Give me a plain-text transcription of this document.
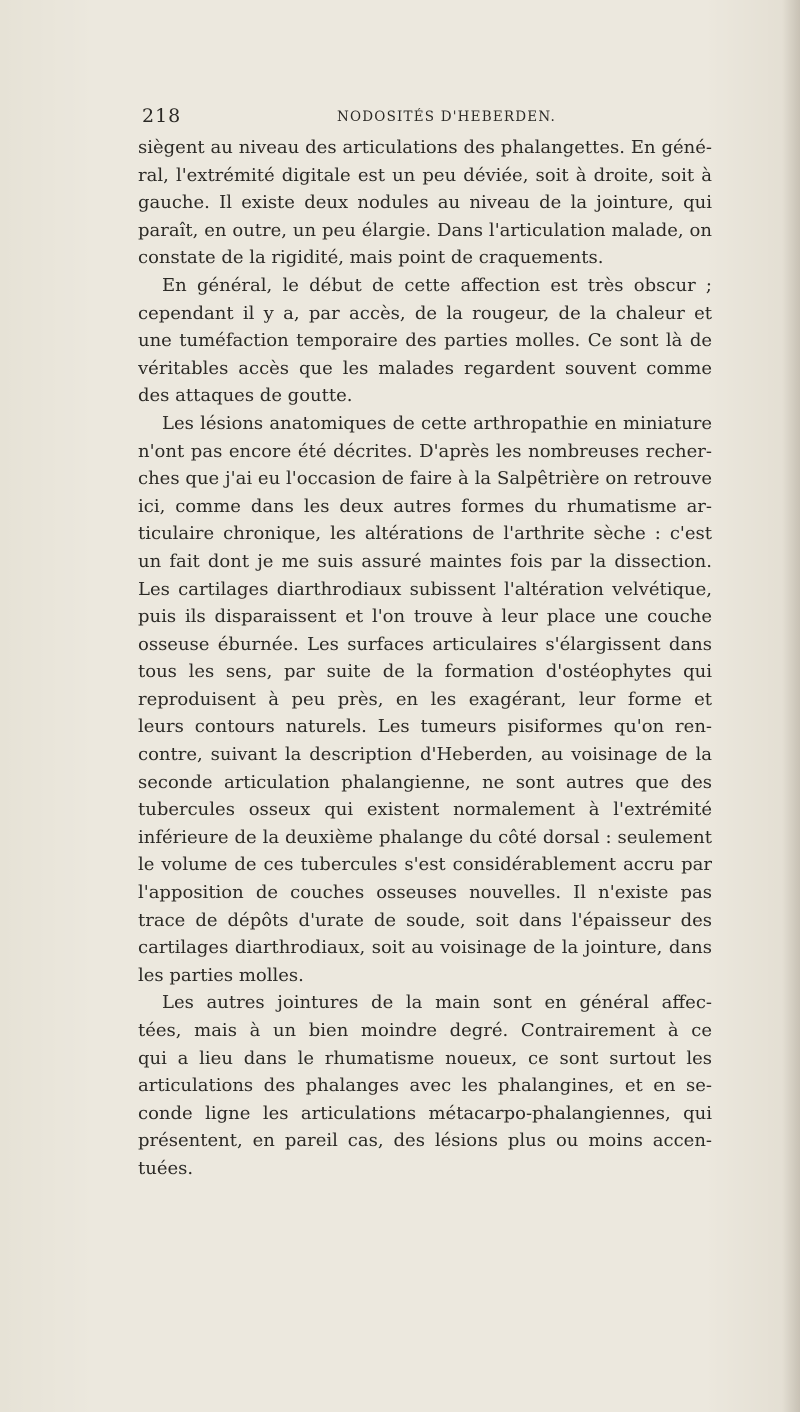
218	NODOSITÉS D'HEBERDEN.
siègent au niveau des articulations des phalangettes. En géné-
ral, l'extrémité digitale est un peu déviée, soit à droite, soit à
gauche. Il existe deux nodules au niveau de la jointure, qui
paraît, en outre, un peu élargie. Dans l'articulation malade, on
constate de la rigidité, mais point de craquements.
En général, le début de cette affection est très obscur ;
cependant il y a, par accès, de la rougeur, de la chaleur et
une tuméfaction temporaire des parties molles. Ce sont là de
véritables accès que les malades regardent souvent comme
des attaques de goutte.
Les lésions anatomiques de cette arthropathie en miniature
n'ont pas encore été décrites. D'après les nombreuses recher-
ches que j'ai eu l'occasion de faire à la Salpêtrière on retrouve
ici, comme dans les deux autres formes du rhumatisme ar-
ticulaire chronique, les altérations de l'arthrite sèche : c'est
un fait dont je me suis assuré maintes fois par la dissection.
Les cartilages diarthrodiaux subissent l'altération velvétique,
puis ils disparaissent et l'on trouve à leur place une couche
osseuse éburnée. Les surfaces articulaires s'élargissent dans
tous les sens, par suite de la formation d'ostéophytes qui
reproduisent à peu près, en les exagérant, leur forme et
leurs contours naturels. Les tumeurs pisiformes qu'on ren-
contre, suivant la description d'Heberden, au voisinage de la
seconde articulation phalangienne, ne sont autres que des
tubercules osseux qui existent normalement à l'extrémité
inférieure de la deuxième phalange du côté dorsal : seulement
le volume de ces tubercules s'est considérablement accru par
l'apposition de couches osseuses nouvelles. Il n'existe pas
trace de dépôts d'urate de soude, soit dans l'épaisseur des
cartilages diarthrodiaux, soit au voisinage de la jointure, dans
les parties molles.
Les autres jointures de la main sont en général affec-
tées, mais à un bien moindre degré. Contrairement à ce
qui a lieu dans le rhumatisme noueux, ce sont surtout les
articulations des phalanges avec les phalangines, et en se-
conde ligne les articulations métacarpo-phalangiennes, qui
présentent, en pareil cas, des lésions plus ou moins accen-
tuées.
